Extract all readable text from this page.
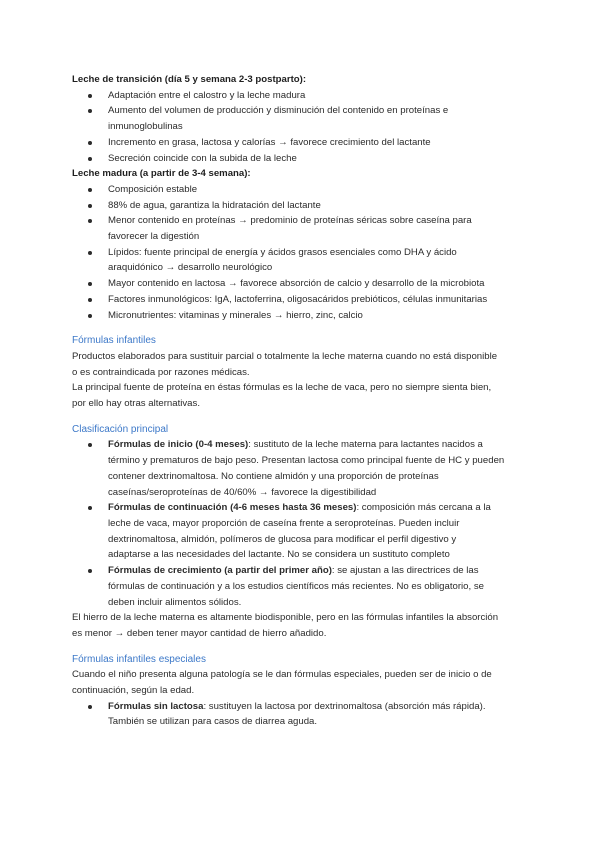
Leche de transición (día 5 y semana 2-3 postparto):
Adaptación entre el calostro y la leche madura
Aumento del volumen de producción y disminución del contenido en proteínas e
inmunoglobulinas
Incremento en grasa, lactosa y calorías → favorece crecimiento del lactante
Secreción coincide con la subida de la leche
Leche madura (a partir de 3-4 semana):
Composición estable
88% de agua, garantiza la hidratación del lactante
Menor contenido en proteínas → predominio de proteínas séricas sobre caseína para
favorecer la digestión
Lípidos: fuente principal de energía y ácidos grasos esenciales como DHA y ácido
araquidónico → desarrollo neurológico
Mayor contenido en lactosa → favorece absorción de calcio y desarrollo de la microbiota
Factores inmunológicos: IgA, lactoferrina, oligosacáridos prebióticos, células inmunitarias
Micronutrientes: vitaminas y minerales → hierro, zinc, calcio
Fórmulas infantiles
Productos elaborados para sustituir parcial o totalmente la leche materna cuando no está disponible
o es contraindicada por razones médicas.
La principal fuente de proteína en éstas fórmulas es la leche de vaca, pero no siempre sienta bien,
por ello hay otras alternativas.
Clasificación principal
Fórmulas de inicio (0-4 meses): sustituto de la leche materna para lactantes nacidos a
término y prematuros de bajo peso. Presentan lactosa como principal fuente de HC y pueden
contener dextrinomaltosa. No contiene almidón y una proporción de proteínas
caseínas/seroproteínas de 40/60% → favorece la digestibilidad
Fórmulas de continuación (4-6 meses hasta 36 meses): composición más cercana a la
leche de vaca, mayor proporción de caseína frente a seroproteínas. Pueden incluir
dextrinomaltosa, almidón, polímeros de glucosa para modificar el perfil digestivo y
adaptarse a las necesidades del lactante. No se considera un sustituto completo
Fórmulas de crecimiento (a partir del primer año): se ajustan a las directrices de las
fórmulas de continuación y a los estudios científicos más recientes. No es obligatorio, se
deben incluir alimentos sólidos.
El hierro de la leche materna es altamente biodisponible, pero en las fórmulas infantiles la absorción
es menor → deben tener mayor cantidad de hierro añadido.
Fórmulas infantiles especiales
Cuando el niño presenta alguna patología se le dan fórmulas especiales, pueden ser de inicio o de
continuación, según la edad.
Fórmulas sin lactosa: sustituyen la lactosa por dextrinomaltosa (absorción más rápida).
También se utilizan para casos de diarrea aguda.
